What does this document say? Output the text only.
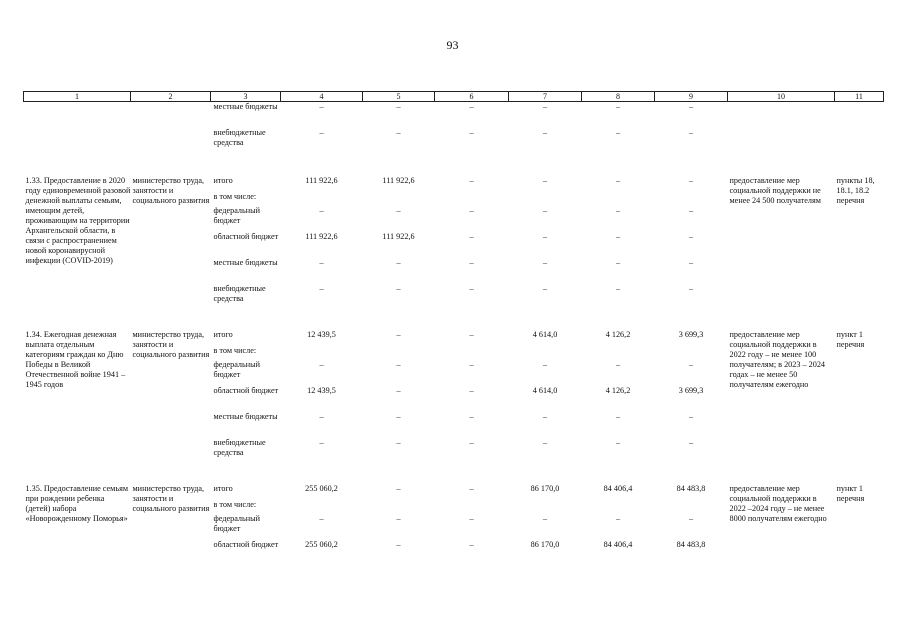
93
1	2	3	4	5	6	7	8	9	10	11
		местные бюджеты	–	–	–	–	–	–		
		внебюджетные средства	–	–	–	–	–	–		

1.33. Предоставление в 2020 году единовременной разовой денежной выплаты семьям, имеющим детей, проживающим на территории Архангельской области, в связи с распространением новой коронавирусной инфекции (COVID-2019)	министерство труда, занятости и социального развития	итого	111 922,6	111 922,6	–	–	–	–	предоставление мер социальной поддержки не менее 24 500 получателям	пункты 18, 18.1, 18.2 перечня
		в том числе:								
		федеральный бюджет	–	–	–	–	–	–		
		областной бюджет	111 922,6	111 922,6	–	–	–	–		
		местные бюджеты	–	–	–	–	–	–		
		внебюджетные средства	–	–	–	–	–	–		

1.34. Ежегодная денежная выплата отдельным категориям граждан ко Дню Победы в Великой Отечественной войне 1941 – 1945 годов	министерство труда, занятости и социального развития	итого	12 439,5	–	–	4 614,0	4 126,2	3 699,3	предоставление мер социальной поддержки в 2022 году – не менее 100 получателям; в 2023 – 2024 годах – не менее 50 получателям ежегодно	пункт 1 перечня
		в том числе:								
		федеральный бюджет	–	–	–	–	–	–		
		областной бюджет	12 439,5	–	–	4 614,0	4 126,2	3 699,3		
		местные бюджеты	–	–	–	–	–	–		
		внебюджетные средства	–	–	–	–	–	–		

1.35. Предоставление семьям при рождении ребенка (детей) набора «Новорожденному Поморья»	министерство труда, занятости и социального развития	итого	255 060,2	–	–	86 170,0	84 406,4	84 483,8	предоставление мер социальной поддержки в 2022 –2024 году – не менее 8000 получателям ежегодно	пункт 1 перечня
		в том числе:								
		федеральный бюджет	–	–	–	–	–	–		
		областной бюджет	255 060,2	–	–	86 170,0	84 406,4	84 483,8		
